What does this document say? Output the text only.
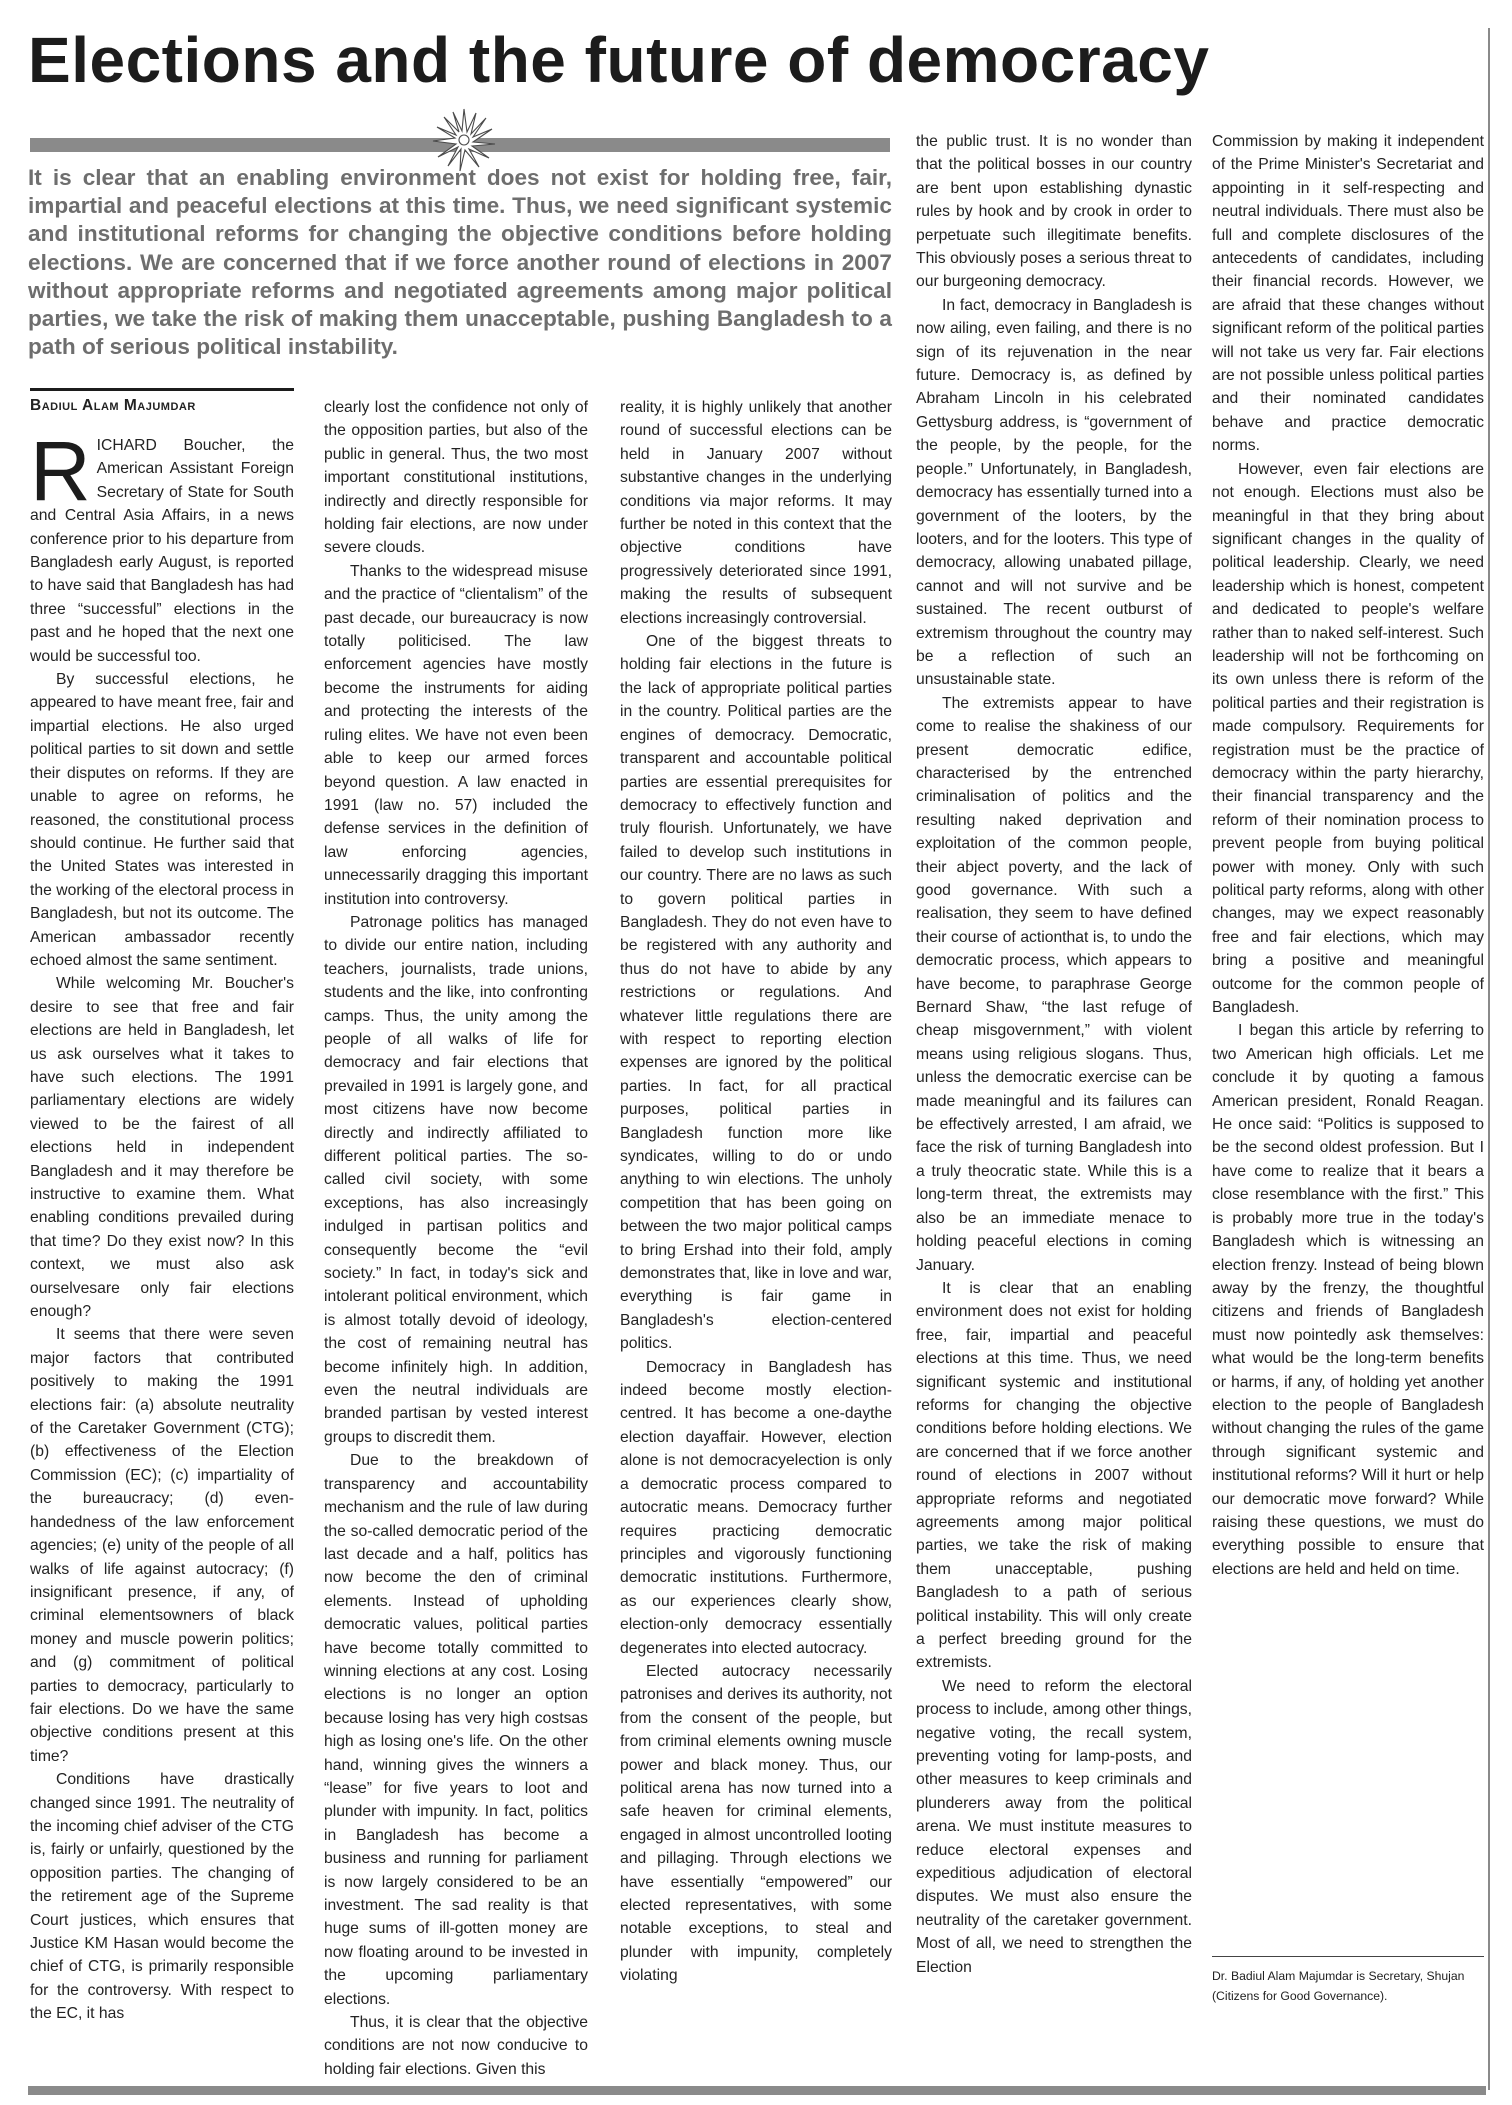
Elections and the future of democracy

It is clear that an enabling environment does not exist for holding free, fair, impartial and peaceful elections at this time. Thus, we need significant systemic and institutional reforms for changing the objective conditions before holding elections. We are concerned that if we force another round of elections in 2007 without appropriate reforms and negotiated agreements among major political parties, we take the risk of making them unacceptable, pushing Bangladesh to a path of serious political instability.

Badiul Alam Majumdar

RICHARD Boucher, the American Assistant Foreign Secretary of State for South and Central Asia Affairs, in a news conference prior to his departure from Bangladesh early August, is reported to have said that Bangladesh has had three “successful” elections in the past and he hoped that the next one would be successful too.

By successful elections, he appeared to have meant free, fair and impartial elections. He also urged political parties to sit down and settle their disputes on reforms. If they are unable to agree on reforms, he reasoned, the constitutional process should continue. He further said that the United States was interested in the working of the electoral process in Bangladesh, but not its outcome. The American ambassador recently echoed almost the same sentiment.

While welcoming Mr. Boucher's desire to see that free and fair elections are held in Bangladesh, let us ask ourselves what it takes to have such elections. The 1991 parliamentary elections are widely viewed to be the fairest of all elections held in independent Bangladesh and it may therefore be instructive to examine them. What enabling conditions prevailed during that time? Do they exist now? In this context, we must also ask ourselvesare only fair elections enough?

It seems that there were seven major factors that contributed positively to making the 1991 elections fair: (a) absolute neutrality of the Caretaker Government (CTG); (b) effectiveness of the Election Commission (EC); (c) impartiality of the bureaucracy; (d) even-handedness of the law enforcement agencies; (e) unity of the people of all walks of life against autocracy; (f) insignificant presence, if any, of criminal elementsowners of black money and muscle powerin politics; and (g) commitment of political parties to democracy, particularly to fair elections. Do we have the same objective conditions present at this time?

Conditions have drastically changed since 1991. The neutrality of the incoming chief adviser of the CTG is, fairly or unfairly, questioned by the opposition parties. The changing of the retirement age of the Supreme Court justices, which ensures that Justice KM Hasan would become the chief of CTG, is primarily responsible for the controversy. With respect to the EC, it has

clearly lost the confidence not only of the opposition parties, but also of the public in general. Thus, the two most important constitutional institutions, indirectly and directly responsible for holding fair elections, are now under severe clouds.

Thanks to the widespread misuse and the practice of “clientalism” of the past decade, our bureaucracy is now totally politicised. The law enforcement agencies have mostly become the instruments for aiding and protecting the interests of the ruling elites. We have not even been able to keep our armed forces beyond question. A law enacted in 1991 (law no. 57) included the defense services in the definition of law enforcing agencies, unnecessarily dragging this important institution into controversy.

Patronage politics has managed to divide our entire nation, including teachers, journalists, trade unions, students and the like, into confronting camps. Thus, the unity among the people of all walks of life for democracy and fair elections that prevailed in 1991 is largely gone, and most citizens have now become directly and indirectly affiliated to different political parties. The so-called civil society, with some exceptions, has also increasingly indulged in partisan politics and consequently become the “evil society.” In fact, in today's sick and intolerant political environment, which is almost totally devoid of ideology, the cost of remaining neutral has become infinitely high. In addition, even the neutral individuals are branded partisan by vested interest groups to discredit them.

Due to the breakdown of transparency and accountability mechanism and the rule of law during the so-called democratic period of the last decade and a half, politics has now become the den of criminal elements. Instead of upholding democratic values, political parties have become totally committed to winning elections at any cost. Losing elections is no longer an option because losing has very high costsas high as losing one's life. On the other hand, winning gives the winners a “lease” for five years to loot and plunder with impunity. In fact, politics in Bangladesh has become a business and running for parliament is now largely considered to be an investment. The sad reality is that huge sums of ill-gotten money are now floating around to be invested in the upcoming parliamentary elections.

Thus, it is clear that the objective conditions are not now conducive to holding fair elections. Given this

reality, it is highly unlikely that another round of successful elections can be held in January 2007 without substantive changes in the underlying conditions via major reforms. It may further be noted in this context that the objective conditions have progressively deteriorated since 1991, making the results of subsequent elections increasingly controversial.

One of the biggest threats to holding fair elections in the future is the lack of appropriate political parties in the country. Political parties are the engines of democracy. Democratic, transparent and accountable political parties are essential prerequisites for democracy to effectively function and truly flourish. Unfortunately, we have failed to develop such institutions in our country. There are no laws as such to govern political parties in Bangladesh. They do not even have to be registered with any authority and thus do not have to abide by any restrictions or regulations. And whatever little regulations there are with respect to reporting election expenses are ignored by the political parties. In fact, for all practical purposes, political parties in Bangladesh function more like syndicates, willing to do or undo anything to win elections. The unholy competition that has been going on between the two major political camps to bring Ershad into their fold, amply demonstrates that, like in love and war, everything is fair game in Bangladesh's election-centered politics.

Democracy in Bangladesh has indeed become mostly election-centred. It has become a one-daythe election dayaffair. However, election alone is not democracyelection is only a democratic process compared to autocratic means. Democracy further requires practicing democratic principles and vigorously functioning democratic institutions. Furthermore, as our experiences clearly show, election-only democracy essentially degenerates into elected autocracy.

Elected autocracy necessarily patronises and derives its authority, not from the consent of the people, but from criminal elements owning muscle power and black money. Thus, our political arena has now turned into a safe heaven for criminal elements, engaged in almost uncontrolled looting and pillaging. Through elections we have essentially “empowered” our elected representatives, with some notable exceptions, to steal and plunder with impunity, completely violating

the public trust. It is no wonder than that the political bosses in our country are bent upon establishing dynastic rules by hook and by crook in order to perpetuate such illegitimate benefits. This obviously poses a serious threat to our burgeoning democracy.

In fact, democracy in Bangladesh is now ailing, even failing, and there is no sign of its rejuvenation in the near future. Democracy is, as defined by Abraham Lincoln in his celebrated Gettysburg address, is “government of the people, by the people, for the people.” Unfortunately, in Bangladesh, democracy has essentially turned into a government of the looters, by the looters, and for the looters. This type of democracy, allowing unabated pillage, cannot and will not survive and be sustained. The recent outburst of extremism throughout the country may be a reflection of such an unsustainable state.

The extremists appear to have come to realise the shakiness of our present democratic edifice, characterised by the entrenched criminalisation of politics and the resulting naked deprivation and exploitation of the common people, their abject poverty, and the lack of good governance. With such a realisation, they seem to have defined their course of actionthat is, to undo the democratic process, which appears to have become, to paraphrase George Bernard Shaw, “the last refuge of cheap misgovernment,” with violent means using religious slogans. Thus, unless the democratic exercise can be made meaningful and its failures can be effectively arrested, I am afraid, we face the risk of turning Bangladesh into a truly theocratic state. While this is a long-term threat, the extremists may also be an immediate menace to holding peaceful elections in coming January.

It is clear that an enabling environment does not exist for holding free, fair, impartial and peaceful elections at this time. Thus, we need significant systemic and institutional reforms for changing the objective conditions before holding elections. We are concerned that if we force another round of elections in 2007 without appropriate reforms and negotiated agreements among major political parties, we take the risk of making them unacceptable, pushing Bangladesh to a path of serious political instability. This will only create a perfect breeding ground for the extremists.

We need to reform the electoral process to include, among other things, negative voting, the recall system, preventing voting for lamp-posts, and other measures to keep criminals and plunderers away from the political arena. We must institute measures to reduce electoral expenses and expeditious adjudication of electoral disputes. We must also ensure the neutrality of the caretaker government. Most of all, we need to strengthen the Election

Commission by making it independent of the Prime Minister's Secretariat and appointing in it self-respecting and neutral individuals. There must also be full and complete disclosures of the antecedents of candidates, including their financial records. However, we are afraid that these changes without significant reform of the political parties will not take us very far. Fair elections are not possible unless political parties and their nominated candidates behave and practice democratic norms.

However, even fair elections are not enough. Elections must also be meaningful in that they bring about significant changes in the quality of political leadership. Clearly, we need leadership which is honest, competent and dedicated to people's welfare rather than to naked self-interest. Such leadership will not be forthcoming on its own unless there is reform of the political parties and their registration is made compulsory. Requirements for registration must be the practice of democracy within the party hierarchy, their financial transparency and the reform of their nomination process to prevent people from buying political power with money. Only with such political party reforms, along with other changes, may we expect reasonably free and fair elections, which may bring a positive and meaningful outcome for the common people of Bangladesh.

I began this article by referring to two American high officials. Let me conclude it by quoting a famous American president, Ronald Reagan. He once said: “Politics is supposed to be the second oldest profession. But I have come to realize that it bears a close resemblance with the first.” This is probably more true in the today's Bangladesh which is witnessing an election frenzy. Instead of being blown away by the frenzy, the thoughtful citizens and friends of Bangladesh must now pointedly ask themselves: what would be the long-term benefits or harms, if any, of holding yet another election to the people of Bangladesh without changing the rules of the game through significant systemic and institutional reforms? Will it hurt or help our democratic move forward? While raising these questions, we must do everything possible to ensure that elections are held and held on time.

Dr. Badiul Alam Majumdar is Secretary, Shujan (Citizens for Good Governance).
